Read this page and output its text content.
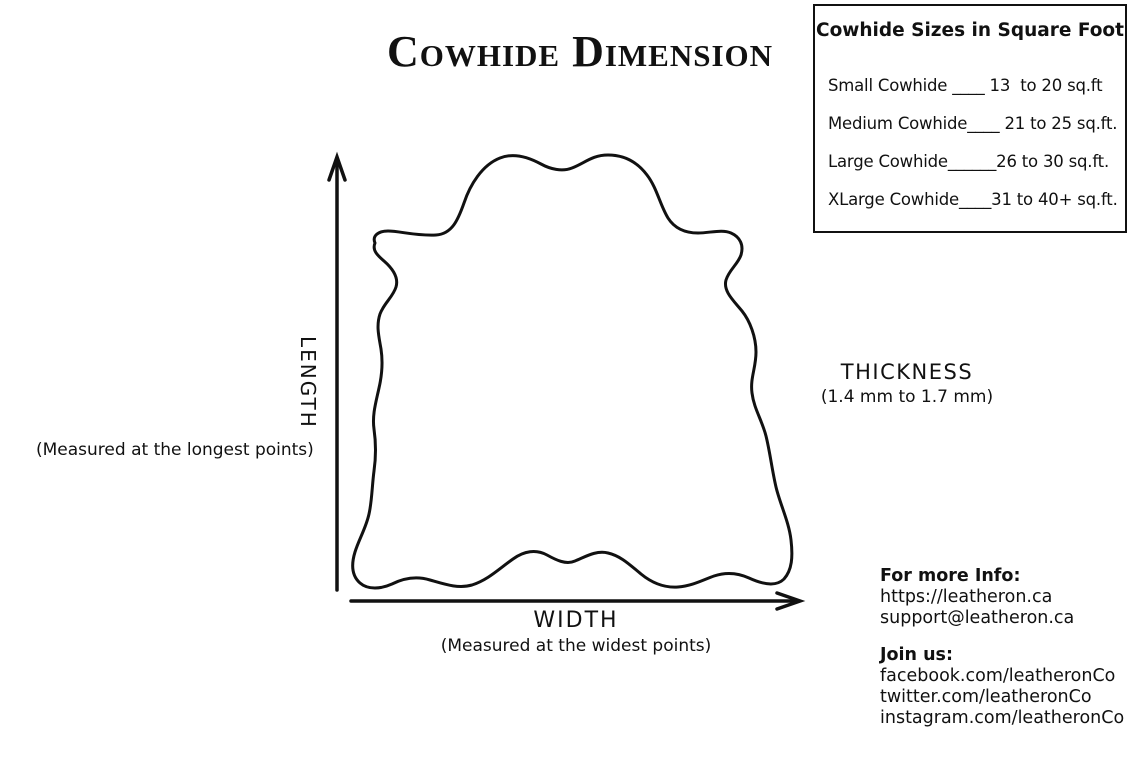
Cowhide Dimension
LENGTH
(Measured at the longest points)
WIDTH
(Measured at the widest points)
THICKNESS
(1.4 mm to 1.7 mm)
Cowhide Sizes in Square Foot
Small Cowhide ____ 13  to 20 sq.ft
Medium Cowhide____ 21 to 25 sq.ft.
Large Cowhide______26 to 30 sq.ft.
XLarge Cowhide____31 to 40+ sq.ft.
For more Info:
https://leatheron.ca
support@leatheron.ca
Join us:
facebook.com/leatheronCo
twitter.com/leatheronCo
instagram.com/leatheronCo
